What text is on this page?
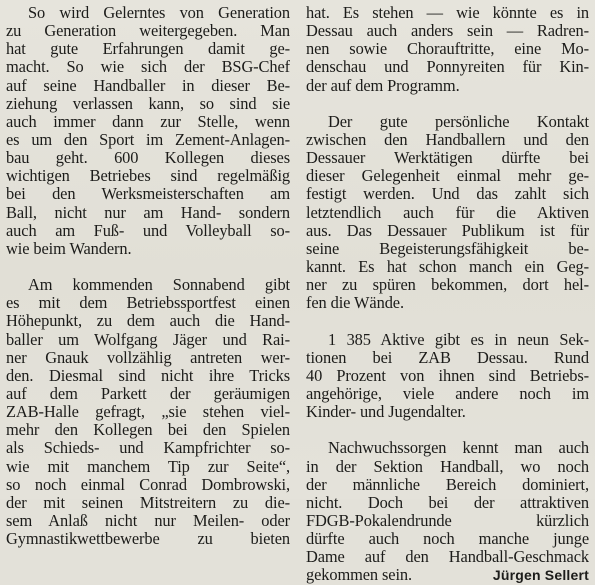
So wird Gelerntes von Generation
zu Generation weitergegeben. Man
hat gute Erfahrungen damit ge-
macht. So wie sich der BSG-Chef
auf seine Handballer in dieser Be-
ziehung verlassen kann, so sind sie
auch immer dann zur Stelle, wenn
es um den Sport im Zement-Anlagen-
bau geht. 600 Kollegen dieses
wichtigen Betriebes sind regelmäßig
bei den Werksmeisterschaften am
Ball, nicht nur am Hand- sondern
auch am Fuß- und Volleyball so-
wie beim Wandern.
Am kommenden Sonnabend gibt
es mit dem Betriebssportfest einen
Höhepunkt, zu dem auch die Hand-
baller um Wolfgang Jäger und Rai-
ner Gnauk vollzählig antreten wer-
den. Diesmal sind nicht ihre Tricks
auf dem Parkett der geräumigen
ZAB-Halle gefragt, „sie stehen viel-
mehr den Kollegen bei den Spielen
als Schieds- und Kampfrichter so-
wie mit manchem Tip zur Seite“,
so noch einmal Conrad Dombrowski,
der mit seinen Mitstreitern zu die-
sem Anlaß nicht nur Meilen- oder
Gymnastikwettbewerbe zu bieten
hat. Es stehen — wie könnte es in
Dessau auch anders sein — Radren-
nen sowie Chorauftritte, eine Mo-
denschau und Ponnyreiten für Kin-
der auf dem Programm.
Der gute persönliche Kontakt
zwischen den Handballern und den
Dessauer Werktätigen dürfte bei
dieser Gelegenheit einmal mehr ge-
festigt werden. Und das zahlt sich
letztendlich auch für die Aktiven
aus. Das Dessauer Publikum ist für
seine Begeisterungsfähigkeit be-
kannt. Es hat schon manch ein Geg-
ner zu spüren bekommen, dort hel-
fen die Wände.
1 385 Aktive gibt es in neun Sek-
tionen bei ZAB Dessau. Rund
40 Prozent von ihnen sind Betriebs-
angehörige, viele andere noch im
Kinder- und Jugendalter.
Nachwuchssorgen kennt man auch
in der Sektion Handball, wo noch
der männliche Bereich dominiert,
nicht. Doch bei der attraktiven
FDGB-Pokalendrunde kürzlich
dürfte auch noch manche junge
Dame auf den Handball-Geschmack
gekommen sein.	Jürgen Sellert
